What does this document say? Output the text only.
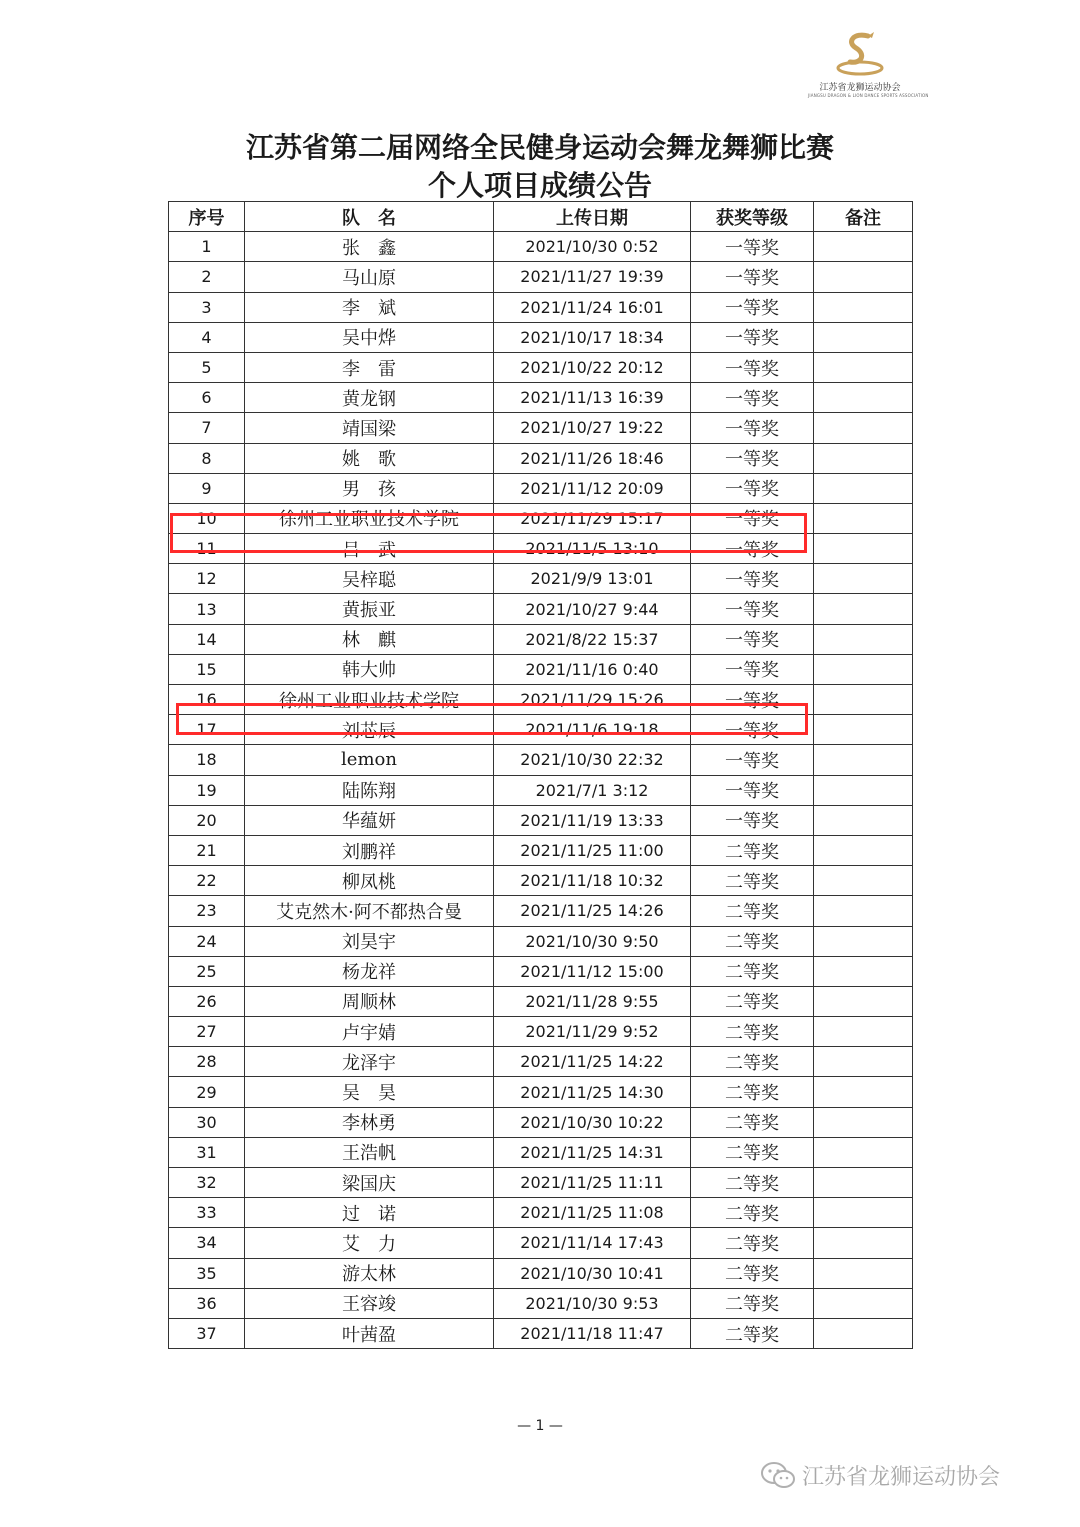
江苏省龙狮运动协会
JIANGSU DRAGON & LION DANCE SPORTS ASSOCIATION
江苏省第二届网络全民健身运动会舞龙舞狮比赛
个人项目成绩公告
序号	队　名	上传日期	获奖等级	备注
1	张　鑫	2021/10/30 0:52	一等奖	
2	马山原	2021/11/27 19:39	一等奖	
3	李　斌	2021/11/24 16:01	一等奖	
4	吴中烨	2021/10/17 18:34	一等奖	
5	李　雷	2021/10/22 20:12	一等奖	
6	黄龙钢	2021/11/13 16:39	一等奖	
7	靖国梁	2021/10/27 19:22	一等奖	
8	姚　歌	2021/11/26 18:46	一等奖	
9	男　孩	2021/11/12 20:09	一等奖	
10	徐州工业职业技术学院	2021/11/29 15:17	一等奖	
11	吕　武	2021/11/5 13:10	一等奖	
12	吴梓聪	2021/9/9 13:01	一等奖	
13	黄振亚	2021/10/27 9:44	一等奖	
14	林　麒	2021/8/22 15:37	一等奖	
15	韩大帅	2021/11/16 0:40	一等奖	
16	徐州工业职业技术学院	2021/11/29 15:26	一等奖	
17	刘芯辰	2021/11/6 19:18	一等奖	
18	lemon	2021/10/30 22:32	一等奖	
19	陆陈翔	2021/7/1 3:12	一等奖	
20	华蕴妍	2021/11/19 13:33	一等奖	
21	刘鹏祥	2021/11/25 11:00	二等奖	
22	柳凤桃	2021/11/18 10:32	二等奖	
23	艾克然木·阿不都热合曼	2021/11/25 14:26	二等奖	
24	刘昊宇	2021/10/30 9:50	二等奖	
25	杨龙祥	2021/11/12 15:00	二等奖	
26	周顺林	2021/11/28 9:55	二等奖	
27	卢宇婧	2021/11/29 9:52	二等奖	
28	龙泽宇	2021/11/25 14:22	二等奖	
29	吴　昊	2021/11/25 14:30	二等奖	
30	李林勇	2021/10/30 10:22	二等奖	
31	王浩帆	2021/11/25 14:31	二等奖	
32	梁国庆	2021/11/25 11:11	二等奖	
33	过　诺	2021/11/25 11:08	二等奖	
34	艾　力	2021/11/14 17:43	二等奖	
35	游太林	2021/10/30 10:41	二等奖	
36	王容竣	2021/10/30 9:53	二等奖	
37	叶茜盈	2021/11/18 11:47	二等奖	
— 1 —
江苏省龙狮运动协会
